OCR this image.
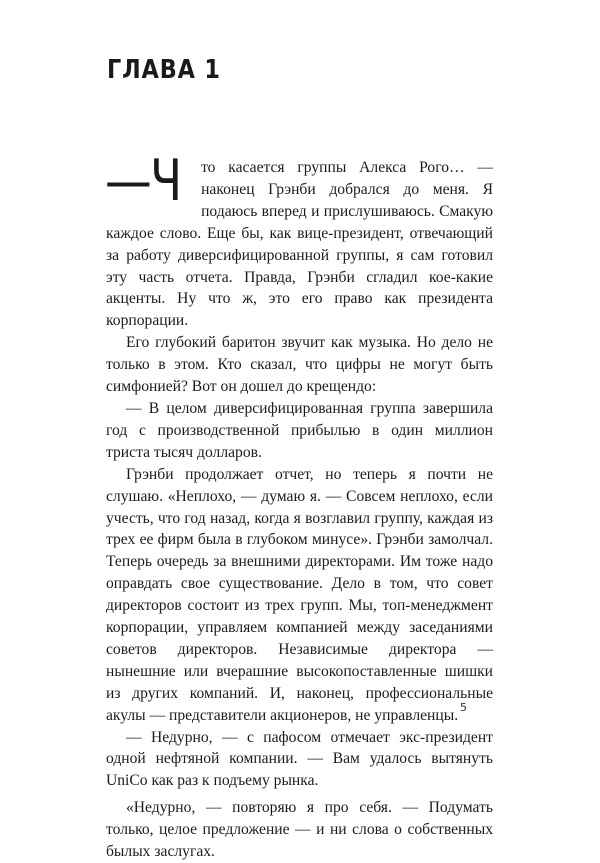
ГЛАВА 1

—Ч то касается группы Алекса Рого… — наконец Грэнби добрался до меня. Я подаюсь вперед и прислушиваюсь. Смакую каждое слово. Еще бы, как вице-президент, отвечающий за работу диверсифицированной группы, я сам готовил эту часть отчета. Правда, Грэнби сгладил кое-какие акценты. Ну что ж, это его право как президента корпорации.

Его глубокий баритон звучит как музыка. Но дело не только в этом. Кто сказал, что цифры не могут быть симфонией? Вот он дошел до крещендо:

— В целом диверсифицированная группа завершила год с производственной прибылью в один миллион триста тысяч долларов.

Грэнби продолжает отчет, но теперь я почти не слушаю. «Неплохо, — думаю я. — Совсем неплохо, если учесть, что год назад, когда я возглавил группу, каждая из трех ее фирм была в глубоком минусе». Грэнби замолчал. Теперь очередь за внешними директорами. Им тоже надо оправдать свое существование. Дело в том, что совет директоров состоит из трех групп. Мы, топ-менеджмент корпорации, управляем компанией между заседаниями советов директоров. Независимые директора — нынешние или вчерашние высокопоставленные шишки из других компаний. И, наконец, профессиональные акулы — представители акционеров, не управленцы.

— Недурно, — с пафосом отмечает экс-президент одной нефтяной компании. — Вам удалось вытянуть UniCo как раз к подъему рынка.

«Недурно, — повторяю я про себя. — Подумать только, целое предложение — и ни слова о собственных былых заслугах.

5
